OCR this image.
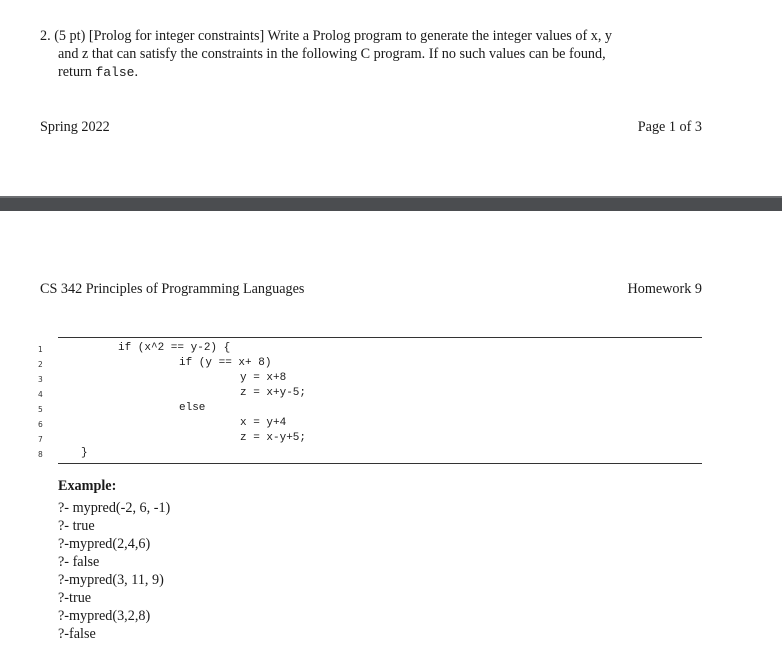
2. (5 pt) [Prolog for integer constraints] Write a Prolog program to generate the integer values of x, y
and z that can satisfy the constraints in the following C program. If no such values can be found,
return false.
Spring 2022	Page 1 of 3
CS 342 Principles of Programming Languages	Homework 9
1	if (x^2 == y-2) {
2	if (y == x+ 8)
3	y = x+8
4	z = x+y-5;
5	else
6	x = y+4
7	z = x-y+5;
8	}
Example:
?- mypred(-2, 6, -1)
?- true
?-mypred(2,4,6)
?- false
?-mypred(3, 11, 9)
?-true
?-mypred(3,2,8)
?-false
